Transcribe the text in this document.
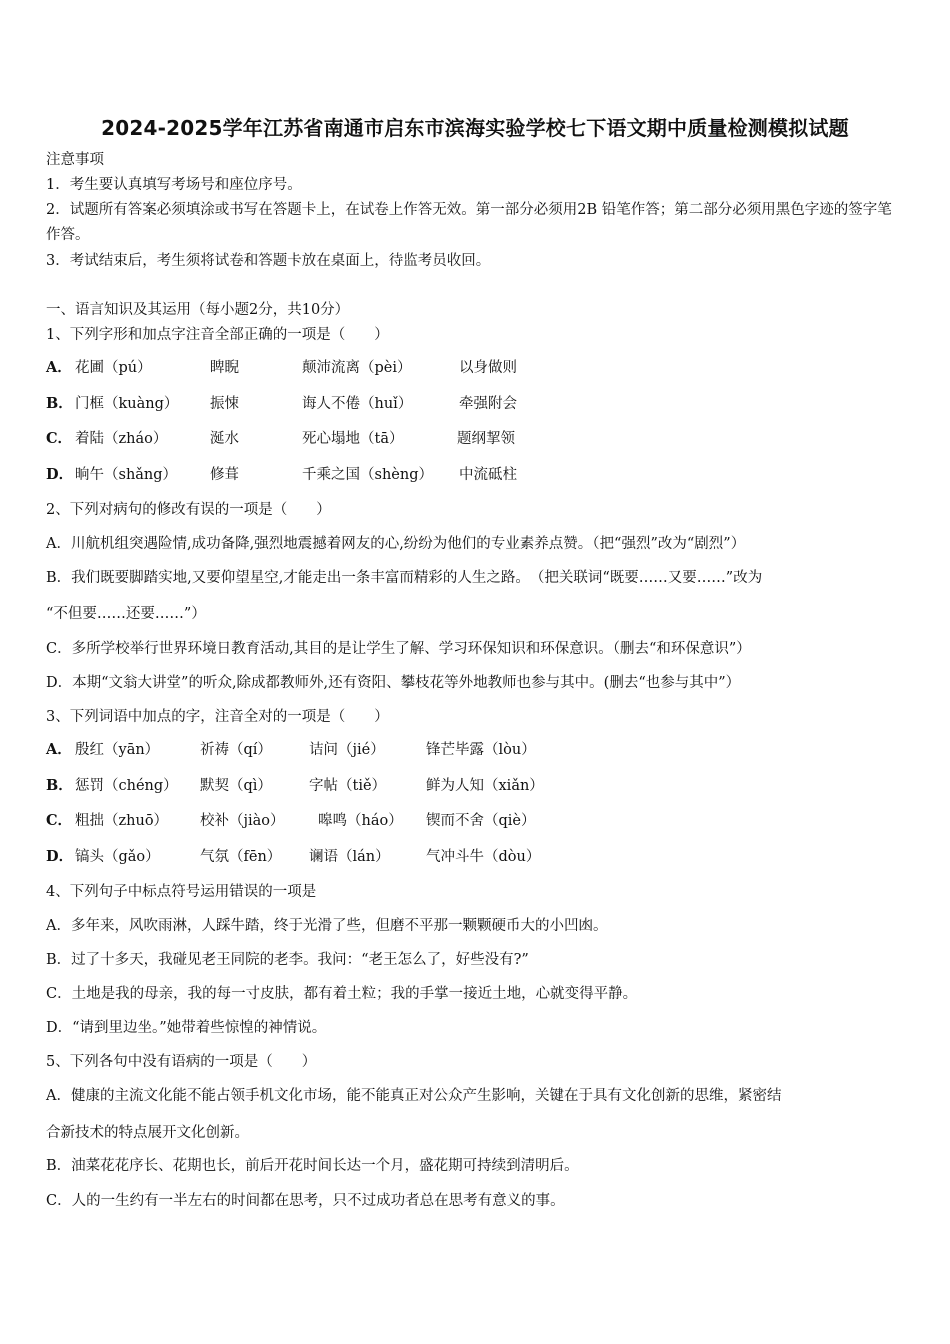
2024-2025学年江苏省南通市启东市滨海实验学校七下语文期中质量检测模拟试题
注意事项
1．考生要认真填写考场号和座位序号。
2．试题所有答案必须填涂或书写在答题卡上，在试卷上作答无效。第一部分必须用2B 铅笔作答；第二部分必须用黑色字迹的签字笔作答。
3．考试结束后，考生须将试卷和答题卡放在桌面上，待监考员收回。
一、语言知识及其运用（每小题2分，共10分）
1、下列字形和加点字注音全部正确的一项是（　　）
A． 花圃（pú）	睥睨	颠沛流离（pèi）	以身做则
B． 门框（kuàng） 振悚	诲人不倦（huǐ）	牵强附会
C． 着陆（zháo）	涎水	死心塌地（tā）	题纲挈领
D． 晌午（shǎng） 修葺	千乘之国（shèng） 中流砥柱
2、下列对病句的修改有误的一项是（　　）
A．川航机组突遇险情,成功备降,强烈地震撼着网友的心,纷纷为他们的专业素养点赞。（把“强烈”改为“剧烈”）
B．我们既要脚踏实地,又要仰望星空,才能走出一条丰富而精彩的人生之路。　（把关联词“既要……又要……”改为
“不但要……还要……”）
C．多所学校举行世界环境日教育活动,其目的是让学生了解、学习环保知识和环保意识。（删去“和环保意识”）
D．本期“文翁大讲堂”的听众,除成都教师外,还有资阳、攀枝花等外地教师也参与其中。(删去“也参与其中”）
3、下列词语中加点的字，注音全对的一项是（　　）
A． 殷红（yān）	祈祷（qí）	诘问（jié）	锋芒毕露（lòu）
B． 惩罚（chéng） 默契（qì）	字帖（tiě）	鲜为人知（xiǎn）
C． 粗拙（zhuō） 校补（jiào） 嗥鸣（háo） 锲而不舍（qiè）
D． 镐头（gǎo）	气氛（fēn） 谰语（lán）	气冲斗牛（dòu）
4、下列句子中标点符号运用错误的一项是
A．多年来，风吹雨淋，人踩牛踏，终于光滑了些，但磨不平那一颗颗硬币大的小凹凼。
B．过了十多天，我碰见老王同院的老李。我问：“老王怎么了，好些没有?”
C．土地是我的母亲，我的每一寸皮肤，都有着土粒；我的手掌一接近土地，心就变得平静。
D．“请到里边坐。”她带着些惊惶的神情说。
5、下列各句中没有语病的一项是（　　）
A．健康的主流文化能不能占领手机文化市场，能不能真正对公众产生影响，关键在于具有文化创新的思维，紧密结
合新技术的特点展开文化创新。
B．油菜花花序长、花期也长，前后开花时间长达一个月，盛花期可持续到清明后。
C．人的一生约有一半左右的时间都在思考，只不过成功者总在思考有意义的事。
